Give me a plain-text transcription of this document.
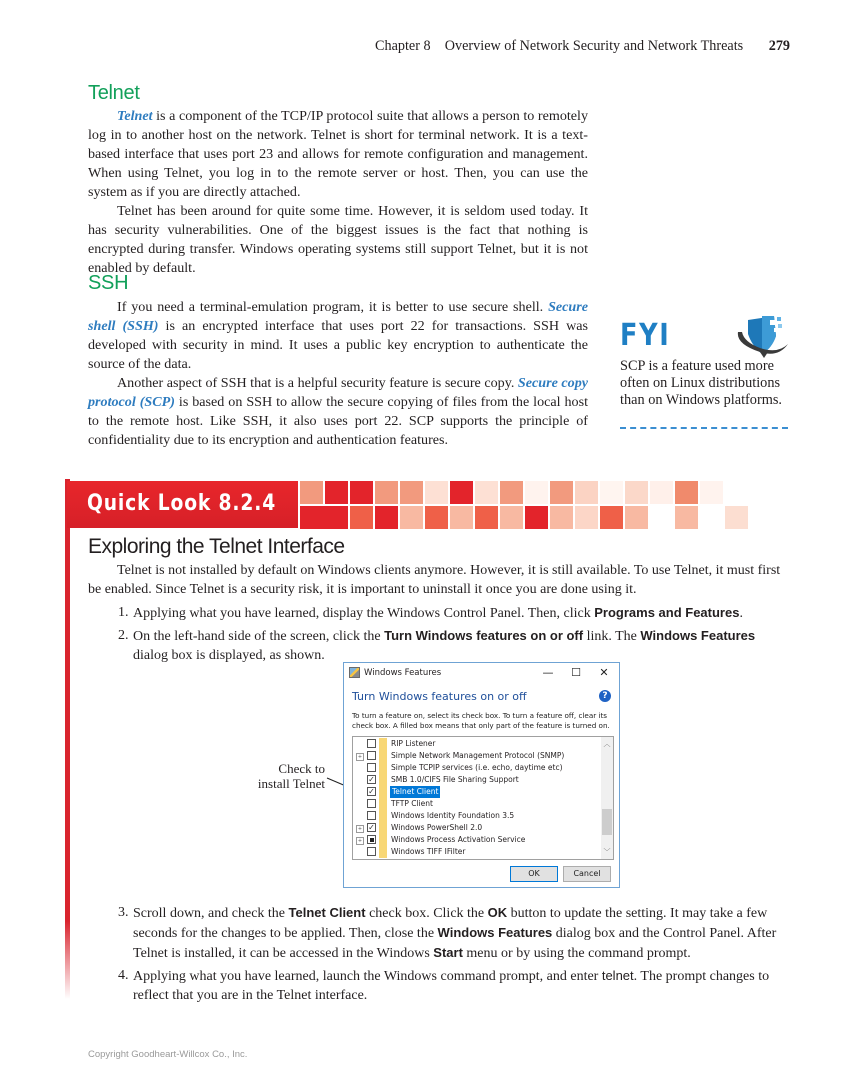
Chapter 8 Overview of Network Security and Network Threats 279
Telnet

Telnet is a component of the TCP/IP protocol suite that allows a person to remotely log in to another host on the network. Telnet is short for terminal network. It is a text-based interface that uses port 23 and allows for remote configuration and management. When using Telnet, you log in to the remote server or host. Then, you can use the system as if you are directly attached.

Telnet has been around for quite some time. However, it is seldom used today. It has security vulnerabilities. One of the biggest issues is the fact that nothing is encrypted during transfer. Windows operating systems still support Telnet, but it is not enabled by default.

SSH

If you need a terminal-emulation program, it is better to use secure shell. Secure shell (SSH) is an encrypted interface that uses port 22 for transactions. SSH was developed with security in mind. It uses a public key encryption to authenticate the source of the data.

Another aspect of SSH that is a helpful security feature is secure copy. Secure copy protocol (SCP) is based on SSH to allow the secure copying of files from the local host to the remote host. Like SSH, it also uses port 22. SCP supports the principle of confidentiality due to its encryption and authentication features.

FYI
SCP is a feature used more often on Linux distributions than on Windows platforms.
Quick Look 8.2.4
Exploring the Telnet Interface

Telnet is not installed by default on Windows clients anymore. However, it is still available. To use Telnet, it must first be enabled. Since Telnet is a security risk, it is important to uninstall it once you are done using it.

1. Applying what you have learned, display the Windows Control Panel. Then, click Programs and Features.

2. On the left-hand side of the screen, click the Turn Windows features on or off link. The Windows Features dialog box is displayed, as shown.

Check to
install Telnet
Windows Features	—	☐	✕
Turn Windows features on or off	?
To turn a feature on, select its check box. To turn a feature off, clear its check box. A filled box means that only part of the feature is turned on.
RIP Listener
+	Simple Network Management Protocol (SNMP)
Simple TCPIP services (i.e. echo, daytime etc)
✓ SMB 1.0/CIFS File Sharing Support
✓ Telnet Client
TFTP Client
Windows Identity Foundation 3.5
+ ✓ Windows PowerShell 2.0
+	Windows Process Activation Service
Windows TIFF IFilter
︿
﹀
OK	Cancel

3. Scroll down, and check the Telnet Client check box. Click the OK button to update the setting. It may take a few seconds for the changes to be applied. Then, close the Windows Features dialog box and the Control Panel. After Telnet is installed, it can be accessed in the Windows Start menu or by using the command prompt.

4. Applying what you have learned, launch the Windows command prompt, and enter telnet. The prompt changes to reflect that you are in the Telnet interface.

Copyright Goodheart-Willcox Co., Inc.
